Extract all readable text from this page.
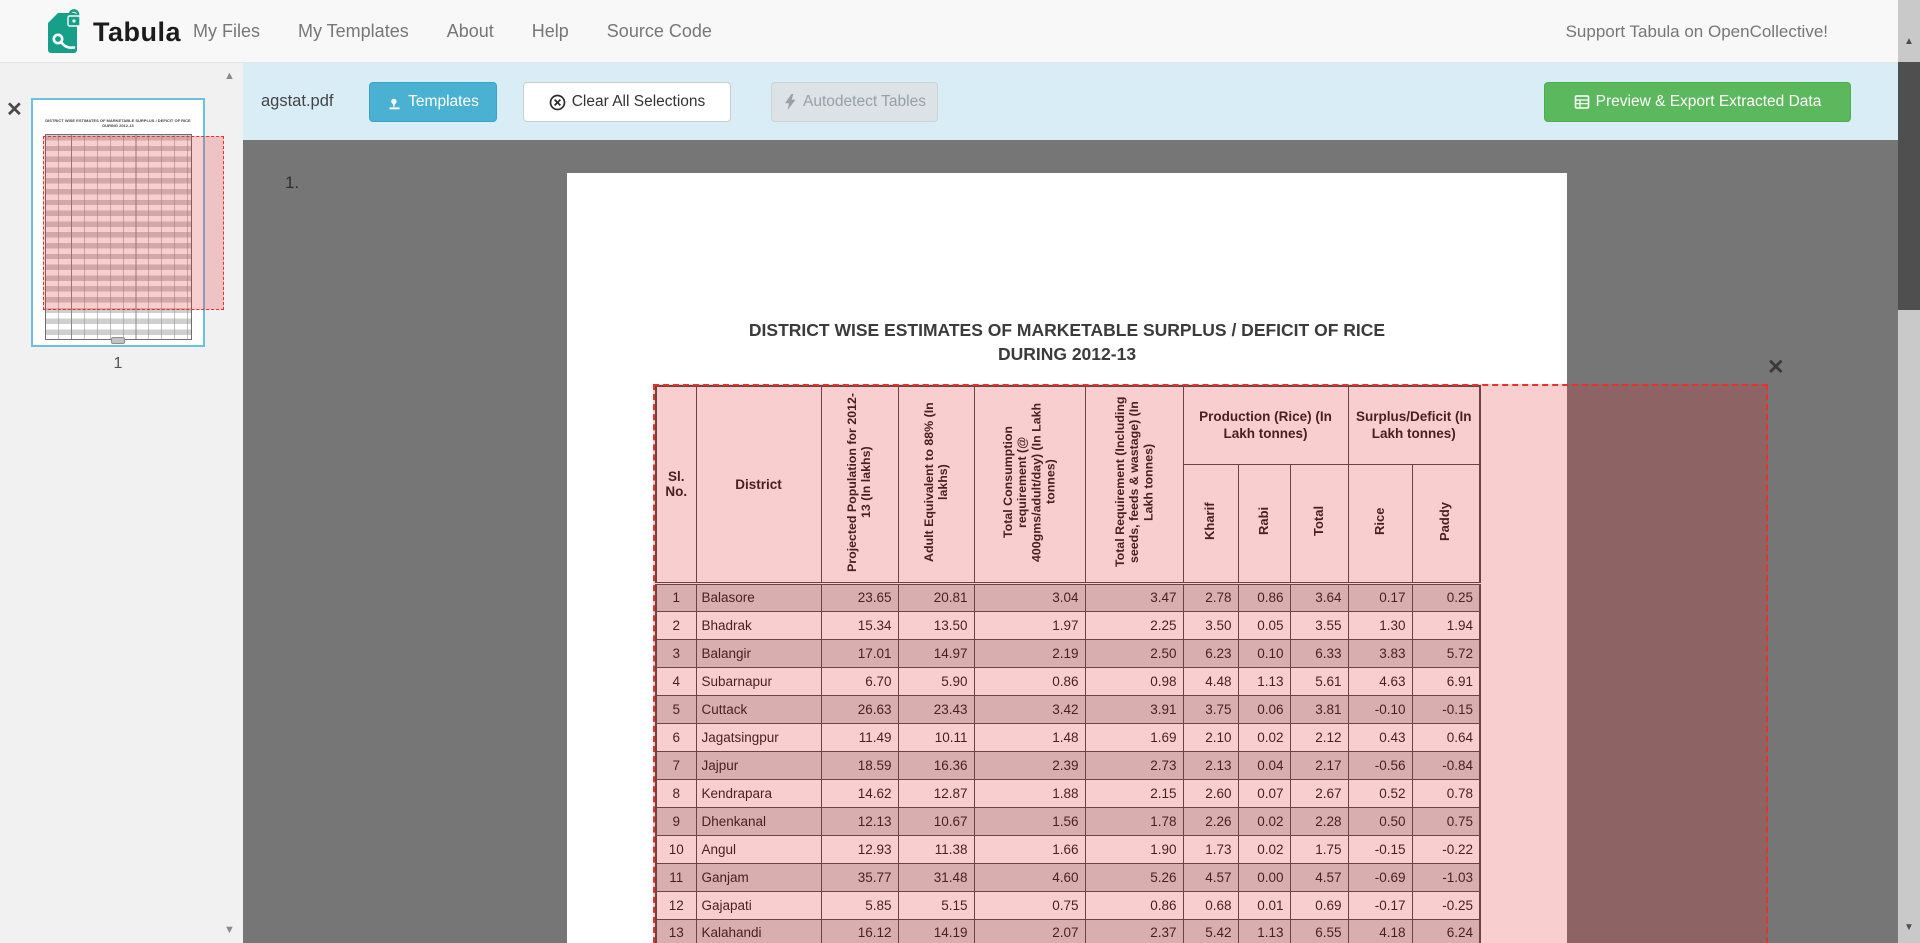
Tabula My Files My Templates About Help Source Code	Support Tabula on OpenCollective!
✕	DISTRICT WISE ESTIMATES OF MARKETABLE SURPLUS / DEFICIT OF RICE
DURING 2012-13
1
▲
▼
agstat.pdf	Templates	Clear All Selections	Autodetect Tables	Preview & Export Extracted Data
1.
DISTRICT WISE ESTIMATES OF MARKETABLE SURPLUS / DEFICIT OF RICE
DURING 2012-13
Sl. No.	District	Projected Population for 2012-13 (In lakhs)	Adult Equivalent to 88% (In lakhs)	Total Consumption requirement (@ 400gms/adult/day) (In Lakh tonnes)	Total Requirement (Including seeds, feeds & wastage) (In Lakh tonnes)	Production (Rice) (In Lakh tonnes)			Surplus/Deficit (In Lakh tonnes)	
						Kharif	Rabi	Total	Rice	Paddy
1	Balasore	23.65	20.81	3.04	3.47	2.78	0.86	3.64	0.17	0.25
2	Bhadrak	15.34	13.50	1.97	2.25	3.50	0.05	3.55	1.30	1.94
3	Balangir	17.01	14.97	2.19	2.50	6.23	0.10	6.33	3.83	5.72
4	Subarnapur	6.70	5.90	0.86	0.98	4.48	1.13	5.61	4.63	6.91
5	Cuttack	26.63	23.43	3.42	3.91	3.75	0.06	3.81	-0.10	-0.15
6	Jagatsingpur	11.49	10.11	1.48	1.69	2.10	0.02	2.12	0.43	0.64
7	Jajpur	18.59	16.36	2.39	2.73	2.13	0.04	2.17	-0.56	-0.84
8	Kendrapara	14.62	12.87	1.88	2.15	2.60	0.07	2.67	0.52	0.78
9	Dhenkanal	12.13	10.67	1.56	1.78	2.26	0.02	2.28	0.50	0.75
10	Angul	12.93	11.38	1.66	1.90	1.73	0.02	1.75	-0.15	-0.22
11	Ganjam	35.77	31.48	4.60	5.26	4.57	0.00	4.57	-0.69	-1.03
12	Gajapati	5.85	5.15	0.75	0.86	0.68	0.01	0.69	-0.17	-0.25
13	Kalahandi	16.12	14.19	2.07	2.37	5.42	1.13	6.55	4.18	6.24
✕
▲
▼
